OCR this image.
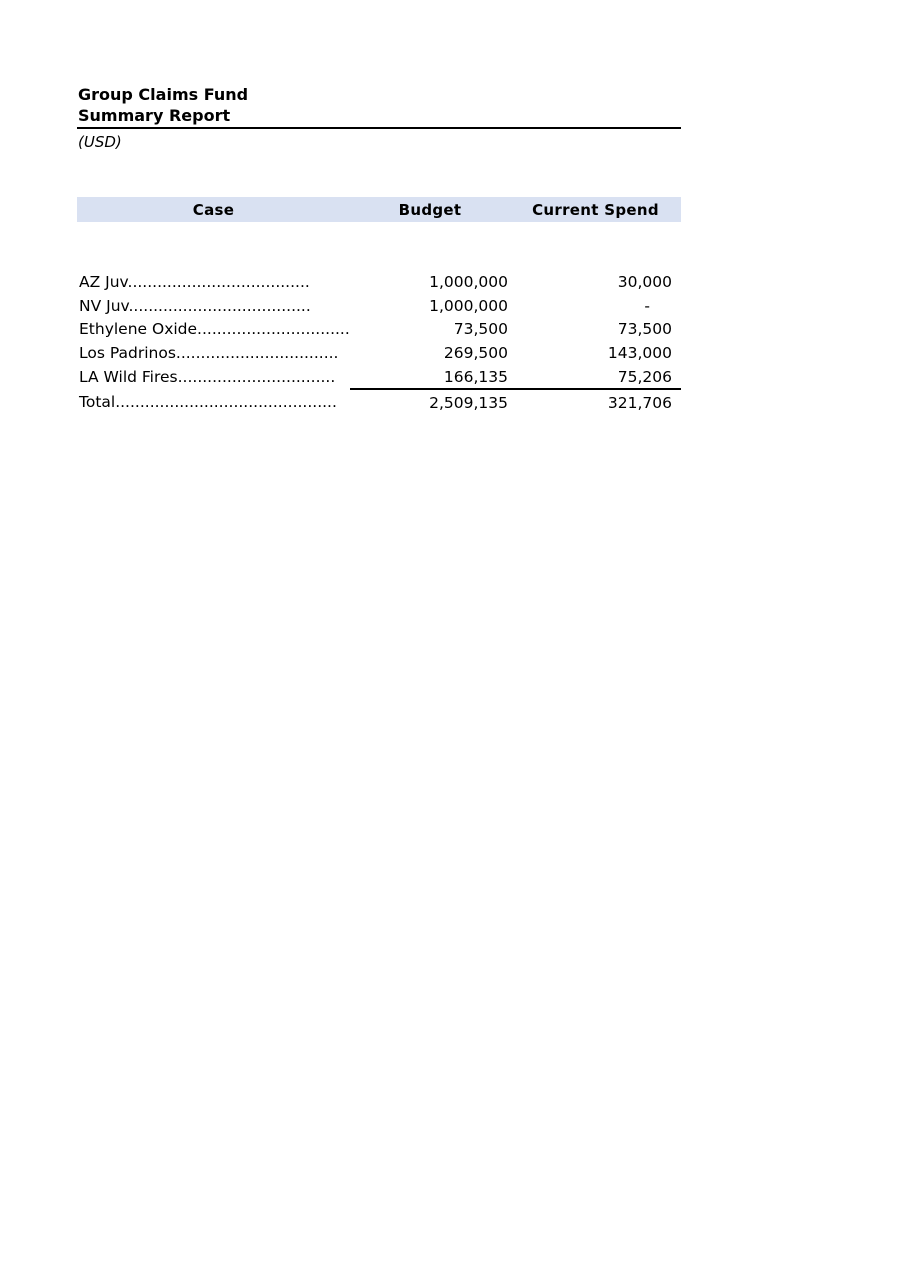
Group Claims Fund
Summary Report
(USD)
Case	Budget	Current Spend

AZ Juv.....................................	1,000,000	30,000
NV Juv.....................................	1,000,000	-
Ethylene Oxide...............................	73,500	73,500
Los Padrinos.................................	269,500	143,000
LA Wild Fires................................	166,135	75,206
Total.............................................	2,509,135	321,706
